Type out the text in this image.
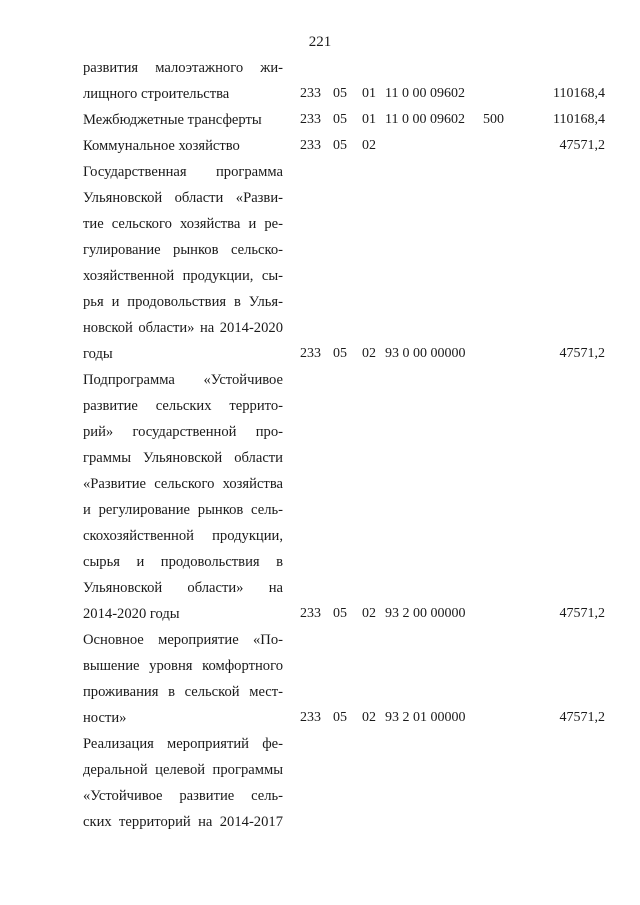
221
развития малоэтажного жи-
лищного строительства	233 05 01 11 0 00 09602	110168,4
Межбюджетные трансферты	233 05 01 11 0 00 09602 500	110168,4
Коммунальное хозяйство	233 05 02	47571,2
Государственная программа
Ульяновской области «Разви-
тие сельского хозяйства и ре-
гулирование рынков сельско-
хозяйственной продукции, сы-
рья и продовольствия в Улья-
новской области» на 2014-2020
годы	233 05 02 93 0 00 00000	47571,2
Подпрограмма «Устойчивое
развитие сельских террито-
рий» государственной про-
граммы Ульяновской области
«Развитие сельского хозяйства
и регулирование рынков сель-
скохозяйственной продукции,
сырья и продовольствия в
Ульяновской области» на
2014-2020 годы	233 05 02 93 2 00 00000	47571,2
Основное мероприятие «По-
вышение уровня комфортного
проживания в сельской мест-
ности»	233 05 02 93 2 01 00000	47571,2
Реализация мероприятий фе-
деральной целевой программы
«Устойчивое развитие сель-
ских территорий на 2014-2017
